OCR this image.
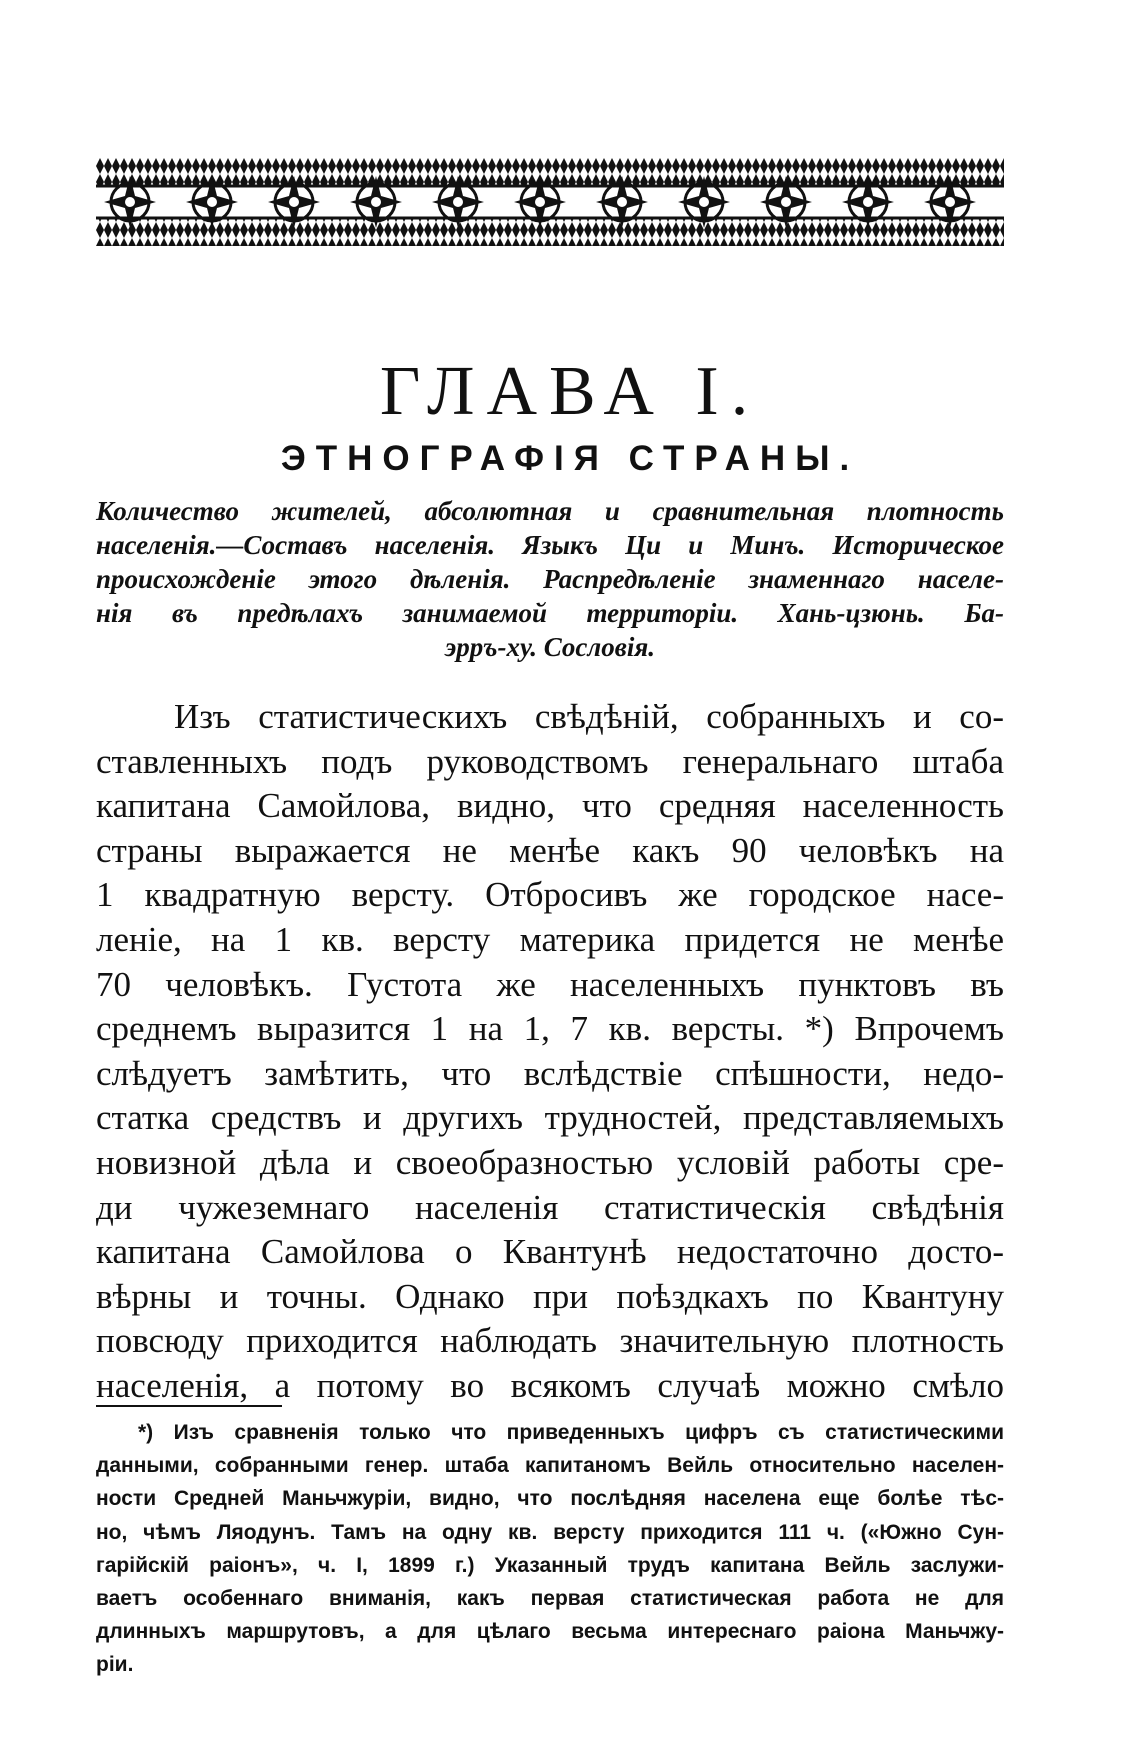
ГЛАВА I.
ЭТНОГРАФІЯ СТРАНЫ.
Количество жителей, абсолютная и сравнительная плотность
населенія.—Составъ населенія. Языкъ Ци и Минъ. Историческое
происхожденіе этого дѣленія. Распредѣленіе знаменнаго населе-
нія въ предѣлахъ занимаемой территоріи. Хань-цзюнь. Ба-
эрръ-ху. Сословія.
Изъ статистическихъ свѣдѣній, собранныхъ и со-
ставленныхъ подъ руководствомъ генеральнаго штаба
капитана Самойлова, видно, что средняя населенность
страны выражается не менѣе какъ 90 человѣкъ на
1 квадратную версту. Отбросивъ же городское насе-
леніе, на 1 кв. версту материка придется не менѣе
70 человѣкъ. Густота же населенныхъ пунктовъ въ
среднемъ выразится 1 на 1, 7 кв. версты. *) Впрочемъ
слѣдуетъ замѣтить, что вслѣдствіе спѣшности, недо-
статка средствъ и другихъ трудностей, представляемыхъ
новизной дѣла и своеобразностью условій работы сре-
ди чужеземнаго населенія статистическія свѣдѣнія
капитана Самойлова о Квантунѣ недостаточно досто-
вѣрны и точны. Однако при поѣздкахъ по Квантуну
повсюду приходится наблюдать значительную плотность
населенія, а потому во всякомъ случаѣ можно смѣло
*) Изъ сравненія только что приведенныхъ цифръ съ статистическими
данными, собранными генер. штаба капитаномъ Вейль относительно населен-
ности Средней Маньчжуріи, видно, что послѣдняя населена еще болѣе тѣс-
но, чѣмъ Ляодунъ. Тамъ на одну кв. версту приходится 111 ч. («Южно Сун-
гарійскій раіонъ», ч. I, 1899 г.) Указанный трудъ капитана Вейль заслужи-
ваетъ особеннаго вниманія, какъ первая статистическая работа не для
длинныхъ маршрутовъ, а для цѣлаго весьма интереснаго раіона Маньчжу-
ріи.
